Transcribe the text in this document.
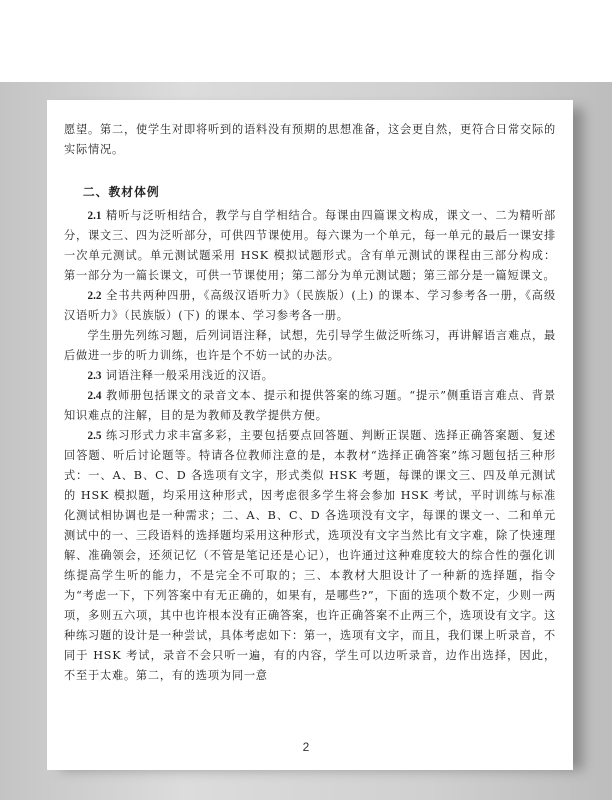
愿望。第二，使学生对即将听到的语料没有预期的思想准备，这会更自然，更符合日常交际的实际情况。

二、教材体例

2.1 精听与泛听相结合，教学与自学相结合。每课由四篇课文构成，课文一、二为精听部分，课文三、四为泛听部分，可供四节课使用。每六课为一个单元，每一单元的最后一课安排一次单元测试。单元测试题采用 HSK 模拟试题形式。含有单元测试的课程由三部分构成：第一部分为一篇长课文，可供一节课使用；第二部分为单元测试题；第三部分是一篇短课文。

2.2 全书共两种四册，《高级汉语听力》（民族版）(上) 的课本、学习参考各一册，《高级汉语听力》（民族版）(下) 的课本、学习参考各一册。

学生册先列练习题，后列词语注释，试想，先引导学生做泛听练习，再讲解语言难点，最后做进一步的听力训练，也许是个不妨一试的办法。

2.3 词语注释一般采用浅近的汉语。

2.4 教师册包括课文的录音文本、提示和提供答案的练习题。“提示”侧重语言难点、背景知识难点的注解，目的是为教师及教学提供方便。

2.5 练习形式力求丰富多彩，主要包括要点回答题、判断正误题、选择正确答案题、复述回答题、听后讨论题等。特请各位教师注意的是，本教材“选择正确答案”练习题包括三种形式：一、A、B、C、D 各选项有文字，形式类似 HSK 考题，每课的课文三、四及单元测试的 HSK 模拟题，均采用这种形式，因考虑很多学生将会参加 HSK 考试，平时训练与标准化测试相协调也是一种需求；二、A、B、C、D 各选项没有文字，每课的课文一、二和单元测试中的一、三段语料的选择题均采用这种形式，选项没有文字当然比有文字难，除了快速理解、准确领会，还须记忆（不管是笔记还是心记），也许通过这种难度较大的综合性的强化训练提高学生听的能力，不是完全不可取的；三、本教材大胆设计了一种新的选择题，指令为“考虑一下，下列答案中有无正确的，如果有，是哪些?”，下面的选项个数不定，少则一两项，多则五六项，其中也许根本没有正确答案，也许正确答案不止两三个，选项设有文字。这种练习题的设计是一种尝试，具体考虑如下：第一，选项有文字，而且，我们课上听录音，不同于 HSK 考试，录音不会只听一遍，有的内容，学生可以边听录音，边作出选择，因此，不至于太难。第二，有的选项为同一意

2
